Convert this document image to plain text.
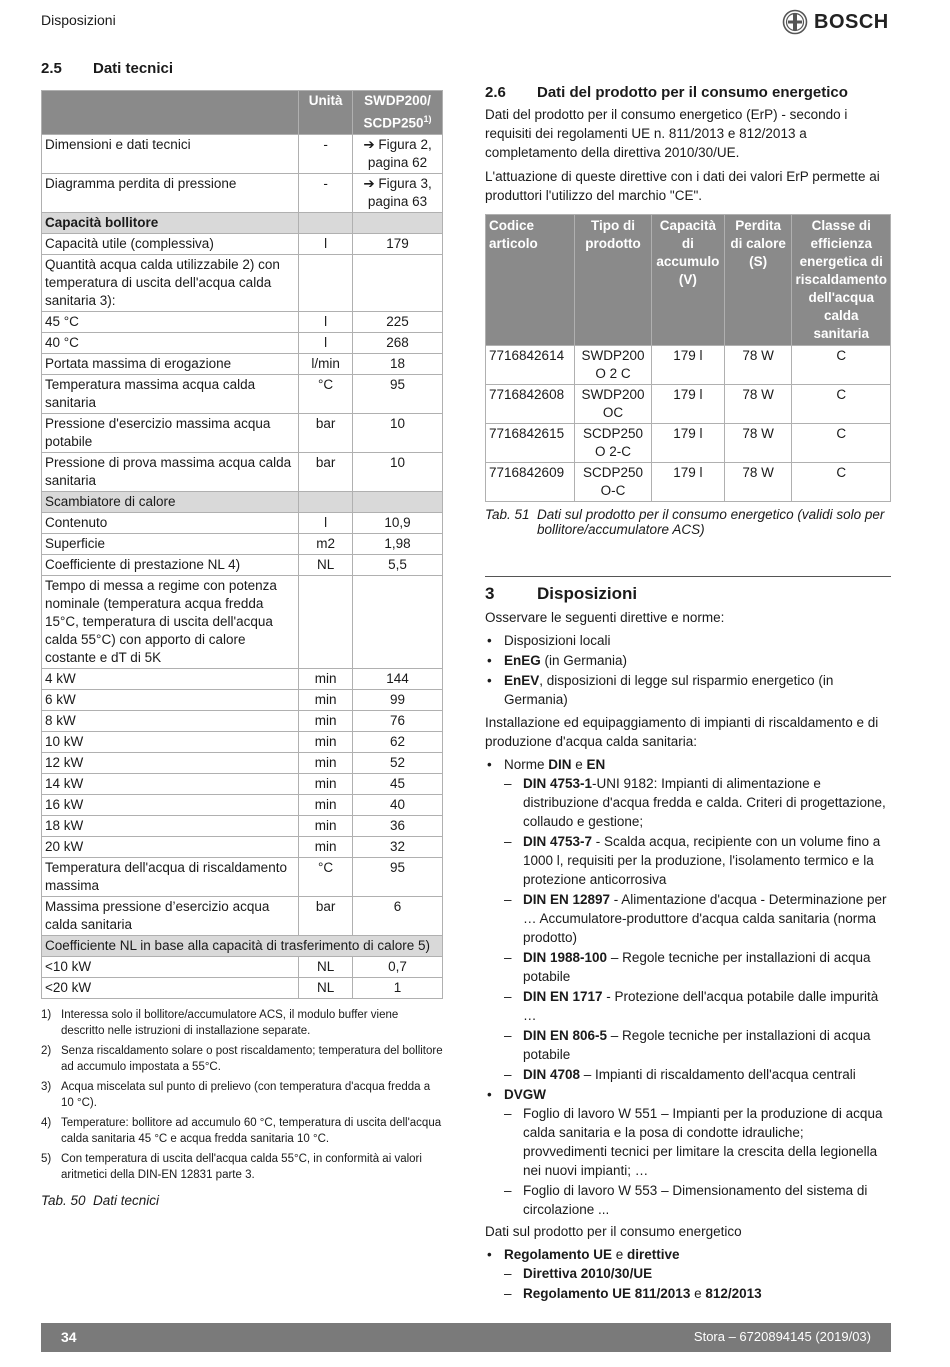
Disposizioni	BOSCH
2.5 Dati tecnici
	Unità	SWDP200/ SCDP250$^{1)}$
Dimensioni e dati tecnici	-	➔ Figura 2, pagina 62
Diagramma perdita di pressione	-	➔ Figura 3, pagina 63
Capacità bollitore		
Capacità utile (complessiva)	l	179
Quantità acqua calda utilizzabile 2) con temperatura di uscita dell'acqua calda sanitaria 3):		
45 °C	l	225
40 °C	l	268
Portata massima di erogazione	l/min	18
Temperatura massima acqua calda sanitaria	°C	95
Pressione d'esercizio massima acqua potabile	bar	10
Pressione di prova massima acqua calda sanitaria	bar	10
Scambiatore di calore		
Contenuto	l	10,9
Superficie	m2	1,98
Coefficiente di prestazione NL 4)	NL	5,5
Tempo di messa a regime con potenza nominale (temperatura acqua fredda 15°C, temperatura di uscita dell'acqua calda 55°C) con apporto di calore costante e dT di 5K		
4 kW	min	144
6 kW	min	99
8 kW	min	76
10 kW	min	62
12 kW	min	52
14 kW	min	45
16 kW	min	40
18 kW	min	36
20 kW	min	32
Temperatura dell'acqua di riscaldamento massima	°C	95
Massima pressione d’esercizio acqua calda sanitaria	bar	6
Coefficiente NL in base alla capacità di trasferimento di calore 5)		
<10 kW	NL	0,7
<20 kW	NL	1
1) Interessa solo il bollitore/accumulatore ACS, il modulo buffer viene descritto nelle istruzioni di installazione separate.
2) Senza riscaldamento solare o post riscaldamento; temperatura del bollitore ad accumulo impostata a 55°C.
3) Acqua miscelata sul punto di prelievo (con temperatura d'acqua fredda a 10 °C).
4) Temperature: bollitore ad accumulo 60 °C, temperatura di uscita dell'acqua calda sanitaria 45 °C e acqua fredda sanitaria 10 °C.
5) Con temperatura di uscita dell'acqua calda 55°C, in conformità ai valori aritmetici della DIN-EN 12831 parte 3.
Tab. 50 Dati tecnici
2.6 Dati del prodotto per il consumo energetico

Dati del prodotto per il consumo energetico (ErP) - secondo i requisiti dei regolamenti UE n. 811/2013 e 812/2013 a completamento della direttiva 2010/30/UE.

L'attuazione di queste direttive con i dati dei valori ErP permette ai produttori l'utilizzo del marchio "CE".

Codice articolo	Tipo di prodotto	Capacità di accumulo (V)	Perdita di calore (S)	Classe di efficienza energetica di riscaldamento dell'acqua calda sanitaria
7716842614	SWDP200 O 2 C	179 l	78 W	C
7716842608	SWDP200 OC	179 l	78 W	C
7716842615	SCDP250 O 2-C	179 l	78 W	C
7716842609	SCDP250 O-C	179 l	78 W	C
Tab. 51 Dati sul prodotto per il consumo energetico (validi solo per bollitore/accumulatore ACS)
3	Disposizioni

Osservare le seguenti direttive e norme:

• Disposizioni locali
• EnEG (in Germania)
• EnEV, disposizioni di legge sul risparmio energetico (in Germania)

Installazione ed equipaggiamento di impianti di riscaldamento e di produzione d'acqua calda sanitaria:

• Norme DIN e EN
– DIN 4753-1-UNI 9182: Impianti di alimentazione e distribuzione d'acqua fredda e calda. Criteri di progettazione, collaudo e gestione;
– DIN 4753-7 - Scalda acqua, recipiente con un volume fino a 1000 l, requisiti per la produzione, l'isolamento termico e la protezione anticorrosiva
– DIN EN 12897 - Alimentazione d'acqua - Determinazione per … Accumulatore-produttore d'acqua calda sanitaria (norma prodotto)
– DIN 1988-100 – Regole tecniche per installazioni di acqua potabile
– DIN EN 1717 - Protezione dell'acqua potabile dalle impurità …
– DIN EN 806-5 – Regole tecniche per installazioni di acqua potabile
– DIN 4708 – Impianti di riscaldamento dell'acqua centrali
• DVGW
– Foglio di lavoro W 551 – Impianti per la produzione di acqua calda sanitaria e la posa di condotte idrauliche; provvedimenti tecnici per limitare la crescita della legionella nei nuovi impianti; …
– Foglio di lavoro W 553 – Dimensionamento del sistema di circolazione ...

Dati sul prodotto per il consumo energetico

• Regolamento UE e direttive
– Direttiva 2010/30/UE
– Regolamento UE 811/2013 e 812/2013
34	Stora – 6720894145 (2019/03)
